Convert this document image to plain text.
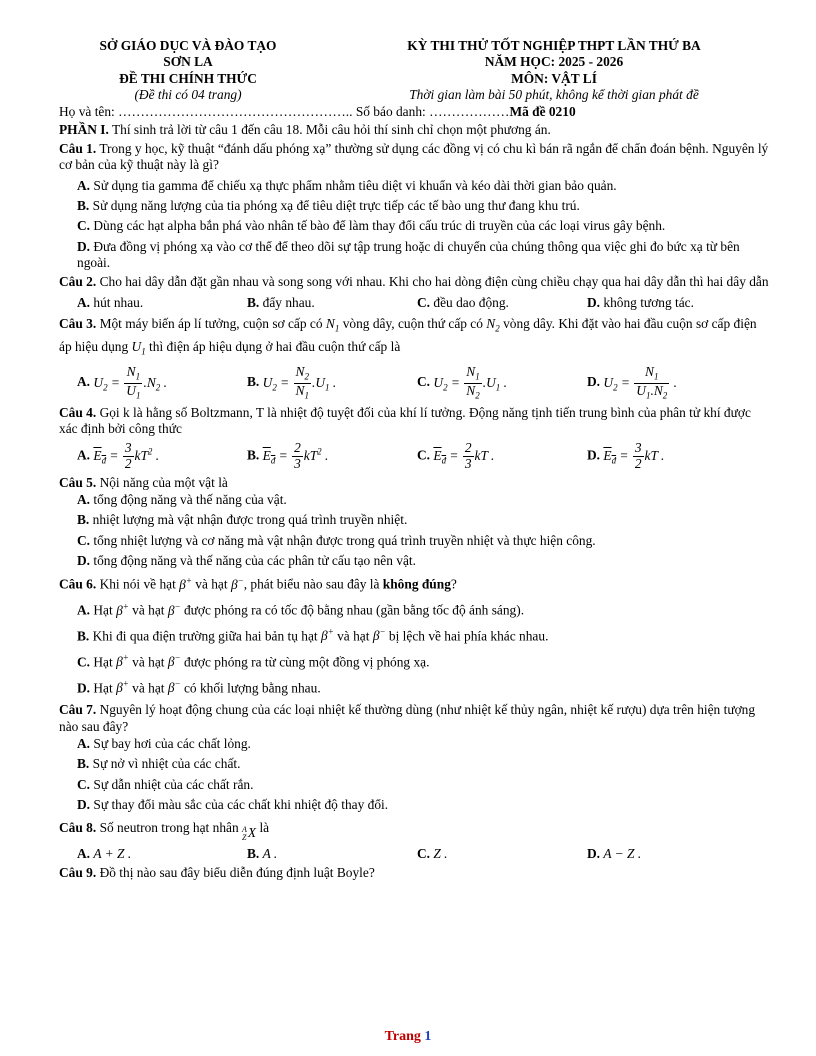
SỞ GIÁO DỤC VÀ ĐÀO TẠO
SƠN LA
ĐỀ THI CHÍNH THỨC
(Đề thi có 04 trang)
KỲ THI THỬ TỐT NGHIỆP THPT LẦN THỨ BA
NĂM HỌC: 2025 - 2026
MÔN: VẬT LÍ
Thời gian làm bài 50 phút, không kể thời gian phát đề
Họ và tên: …………………………………………….. Số báo danh: ………………Mã đề 0210
PHẦN I. Thí sinh trả lời từ câu 1 đến câu 18. Mỗi câu hỏi thí sinh chỉ chọn một phương án.
Câu 1. Trong y học, kỹ thuật “đánh dấu phóng xạ” thường sử dụng các đồng vị có chu kì bán rã ngắn để chẩn đoán bệnh. Nguyên lý cơ bản của kỹ thuật này là gì?
A. Sử dụng tia gamma để chiếu xạ thực phẩm nhằm tiêu diệt vi khuẩn và kéo dài thời gian bảo quản.
B. Sử dụng năng lượng của tia phóng xạ để tiêu diệt trực tiếp các tế bào ung thư đang khu trú.
C. Dùng các hạt alpha bắn phá vào nhân tế bào để làm thay đổi cấu trúc di truyền của các loại virus gây bệnh.
D. Đưa đồng vị phóng xạ vào cơ thể để theo dõi sự tập trung hoặc di chuyển của chúng thông qua việc ghi đo bức xạ từ bên ngoài.
Câu 2. Cho hai dây dẫn đặt gần nhau và song song với nhau. Khi cho hai dòng điện cùng chiều chạy qua hai dây dẫn thì hai dây dẫn
A. hút nhau.	B. đẩy nhau.	C. đều dao động.	D. không tương tác.
Câu 3. Một máy biến áp lí tưởng, cuộn sơ cấp có $N_1$ vòng dây, cuộn thứ cấp có $N_2$ vòng dây. Khi đặt vào hai đầu cuộn sơ cấp điện áp hiệu dụng $U_1$ thì điện áp hiệu dụng ở hai đầu cuộn thứ cấp là
A. $U_2 = \frac{N_1}{U_1} .N_2$ .	B. $U_2 = \frac{N_2}{N_1} .U_1$ .	C. $U_2 = \frac{N_1}{N_2} .U_1$ .	D. $U_2 = \frac{N_1}{U_1.N_2}$ .
Câu 4. Gọi k là hằng số Boltzmann, T là nhiệt độ tuyệt đối của khí lí tưởng. Động năng tịnh tiến trung bình của phân tử khí được xác định bởi công thức
A. $E_đ = \frac{3}{2} kT^2$ .	B. $E_đ = \frac{2}{3} kT^2$ .	C. $E_đ = \frac{2}{3}$ kT .	D. $E_đ = \frac{3}{2}$ kT .
Câu 5. Nội năng của một vật là
A. tổng động năng và thế năng của vật.
B. nhiệt lượng mà vật nhận được trong quá trình truyền nhiệt.
C. tổng nhiệt lượng và cơ năng mà vật nhận được trong quá trình truyền nhiệt và thực hiện công.
D. tổng động năng và thế năng của các phân tử cấu tạo nên vật.
Câu 6. Khi nói về hạt β+ và hạt β−, phát biểu nào sau đây là không đúng?
A. Hạt β+ và hạt β− được phóng ra có tốc độ bằng nhau (gần bằng tốc độ ánh sáng).
B. Khi đi qua điện trường giữa hai bản tụ hạt β+ và hạt β− bị lệch về hai phía khác nhau.
C. Hạt β+ và hạt β− được phóng ra từ cùng một đồng vị phóng xạ.
D. Hạt β+ và hạt β− có khối lượng bằng nhau.
Câu 7. Nguyên lý hoạt động chung của các loại nhiệt kế thường dùng (như nhiệt kế thủy ngân, nhiệt kế rượu) dựa trên hiện tượng nào sau đây?
A. Sự bay hơi của các chất lỏng.
B. Sự nở vì nhiệt của các chất.
C. Sự dẫn nhiệt của các chất rắn.
D. Sự thay đổi màu sắc của các chất khi nhiệt độ thay đổi.
Câu 8. Số neutron trong hạt nhân A
Z X là
A. A + Z .	B. A .	C. Z .	D. A − Z .
Câu 9. Đồ thị nào sau đây biểu diễn đúng định luật Boyle?
Trang 1
